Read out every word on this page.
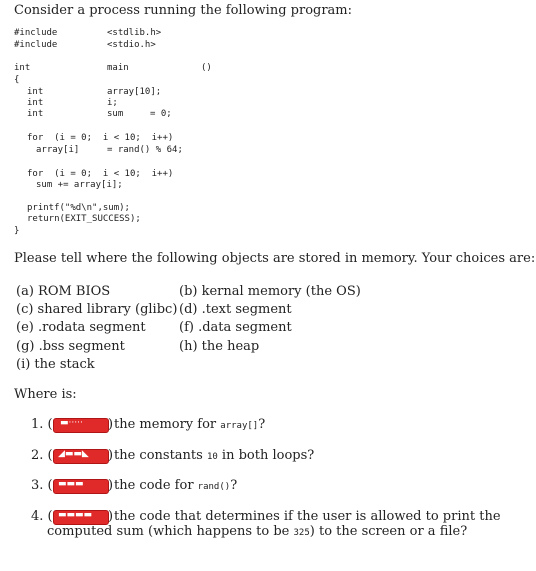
Consider a process running the following program:
#include	<stdlib.h>
#include	<stdio.h>
int	main	()
{
int	array[10];
int	i;
int	sum	= 0;
for  (i = 0;  i < 10;  i++)
array[i]	= rand() % 64;
for  (i = 0;  i < 10;  i++)
sum += array[i];
printf("%d\n",sum);
return(EXIT_SUCCESS);
}
Please tell where the following objects are stored in memory. Your choices are:
(a) ROM BIOS	(b) kernal memory (the OS)
(c) shared library (glibc) (d) .text segment
(e) .rodata segment	(f) .data segment
(g) .bss segment	(h) the heap
(i) the stack
Where is:
1. ( ▬····· ) the memory for array[]?
2. ( ◢▬▬◣ ) the constants 10 in both loops?
3. ( ▬▬▬ ) the code for rand()?
4. ( ▬▬▬▬ ) the code that determines if the user is allowed to print the
computed sum (which happens to be 325) to the screen or a file?
